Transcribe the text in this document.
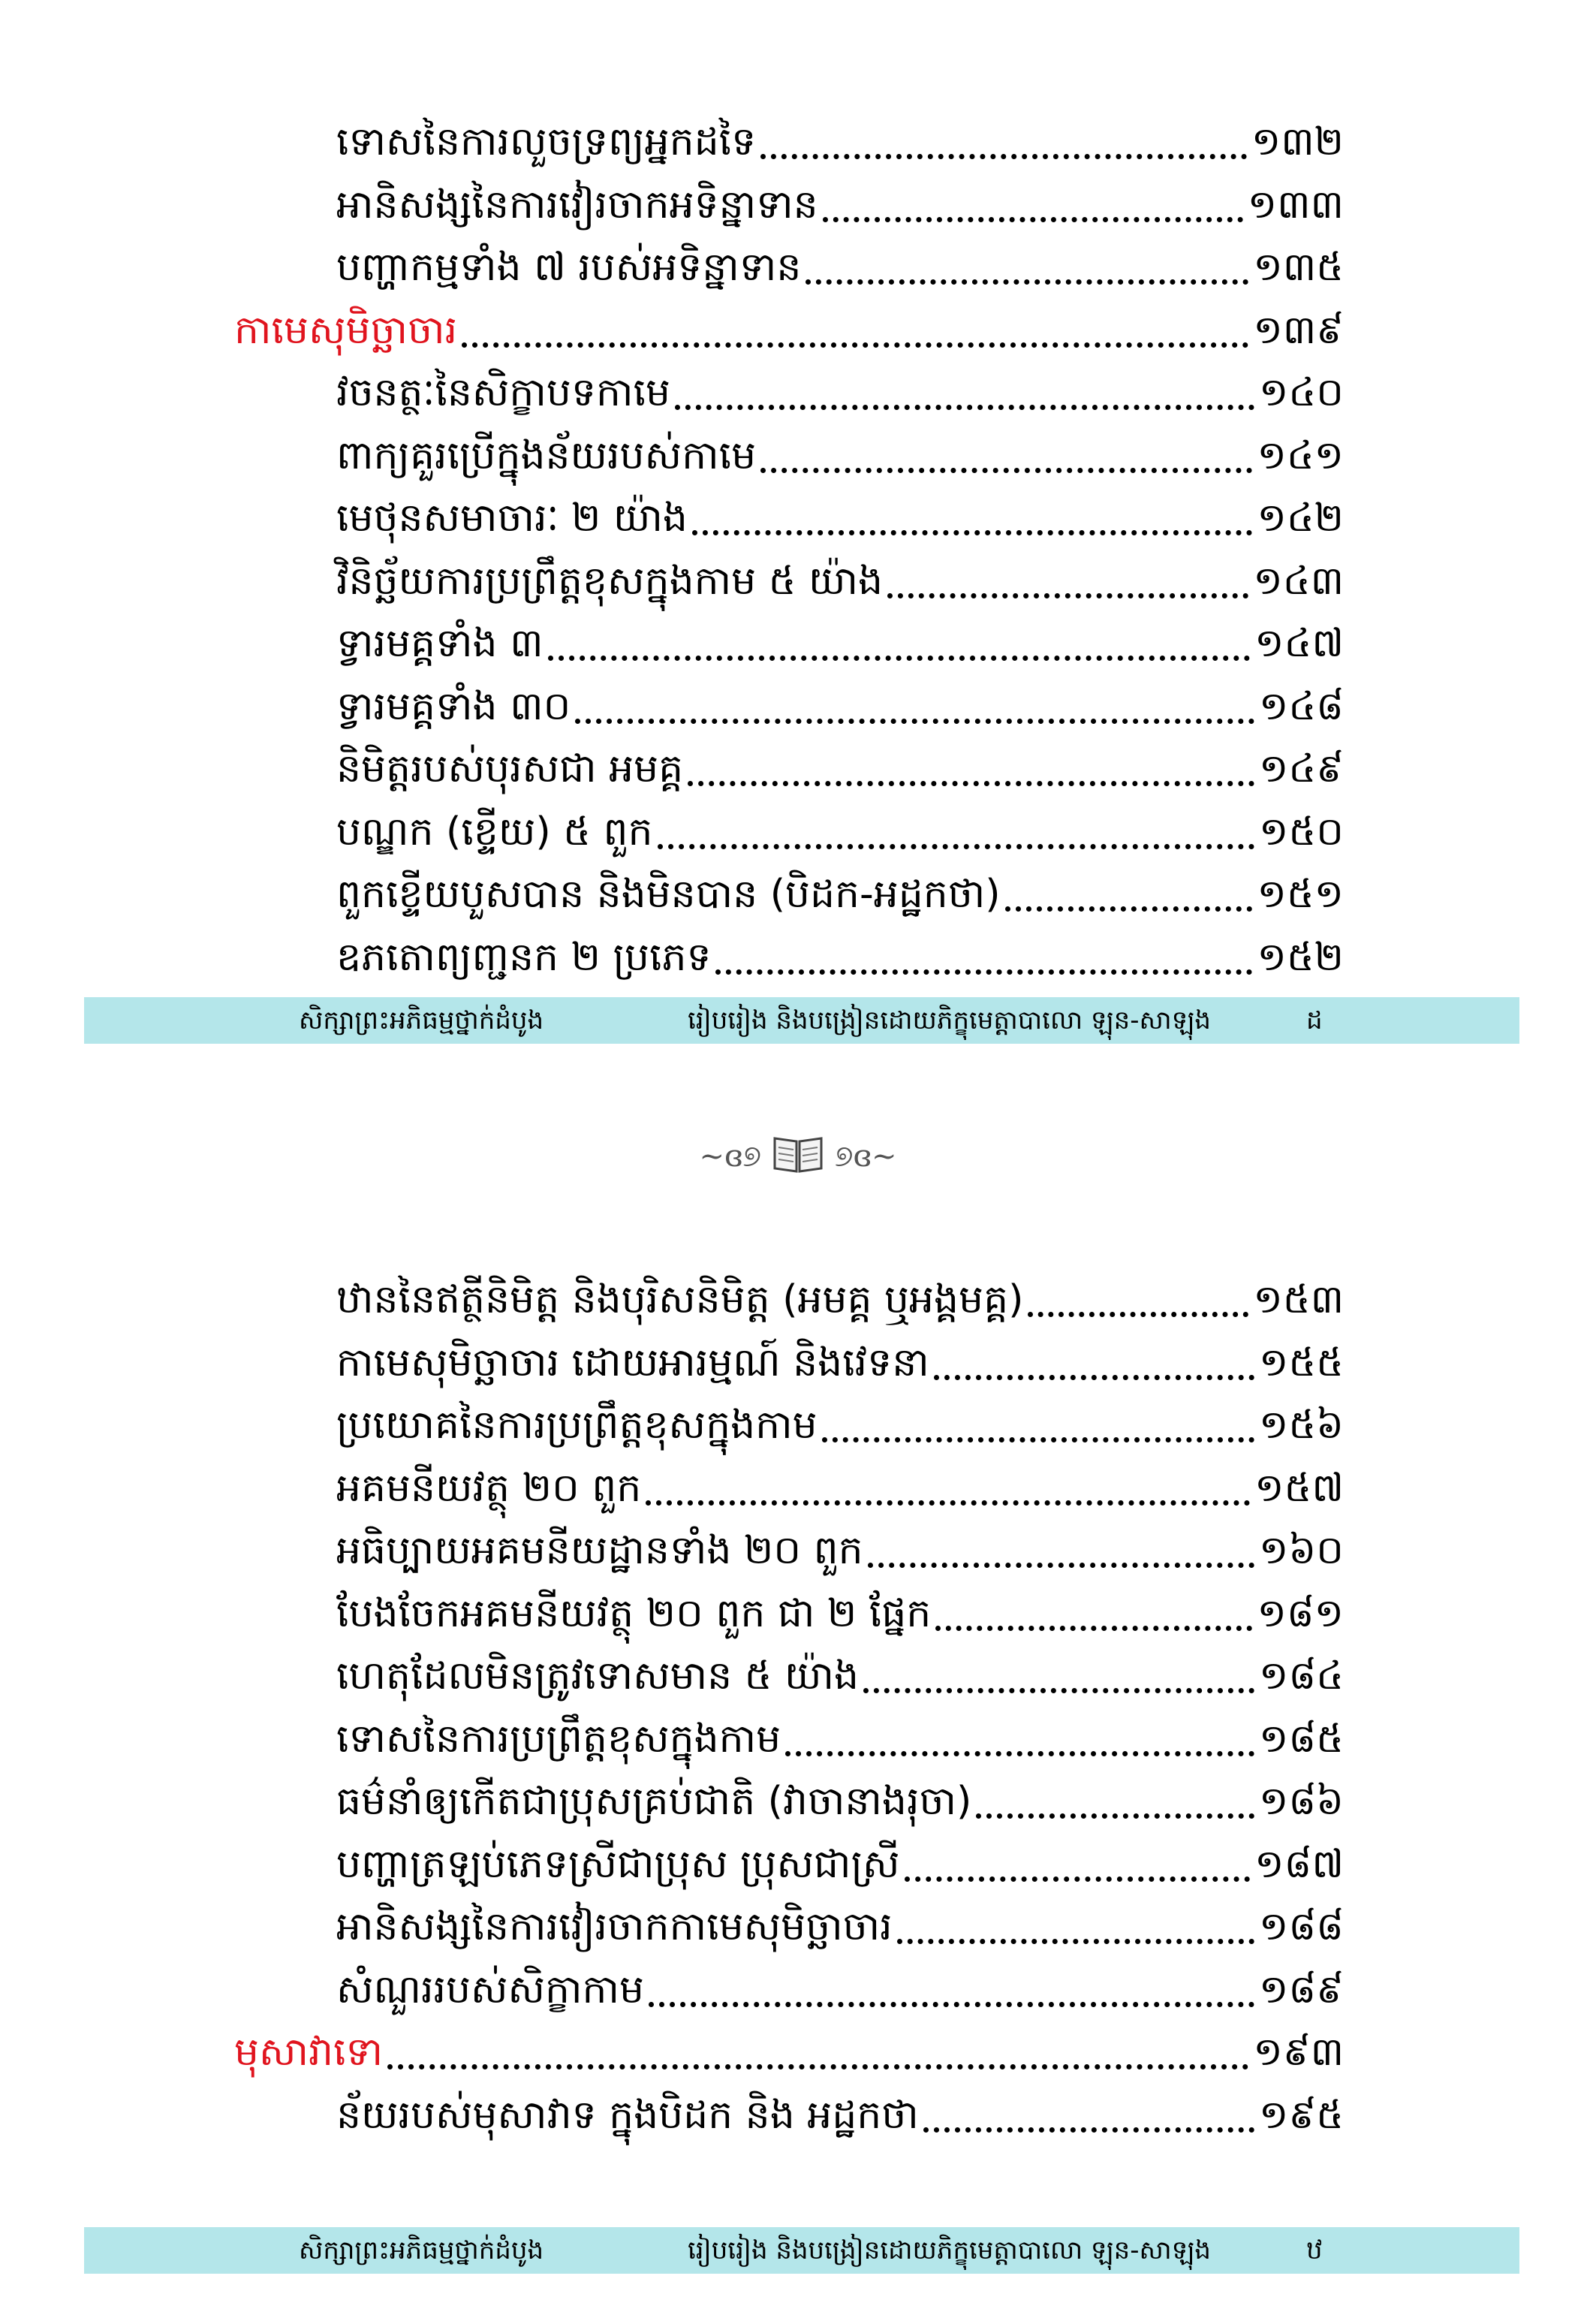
ទោសនៃការលួចទ្រព្យអ្នកដទៃ	១៣២
អានិសង្សនៃការវៀរចាកអទិន្នាទាន	១៣៣
បញ្ហាកម្មទាំង ៧ របស់អទិន្នាទាន	១៣៥
កាមេសុមិច្ឆាចារ	១៣៩
វចនត្ថៈនៃសិក្ខាបទកាមេ	១៤០
ពាក្យគួរប្រើក្នុងន័យរបស់កាមេ	១៤១
មេថុនសមាចារៈ ២ យ៉ាង	១៤២
វិនិច្ឆ័យការប្រព្រឹត្តខុសក្នុងកាម ៥ យ៉ាង	១៤៣
ទ្វារមគ្គទាំង ៣	១៤៧
ទ្វារមគ្គទាំង ៣០	១៤៨
និមិត្តរបស់បុរសជា អមគ្គ	១៤៩
បណ្ឌក (ខ្ទើយ) ៥ ពួក	១៥០
ពួកខ្ទើយបួសបាន និងមិនបាន (បិដក-អដ្ឋកថា)	១៥១
ឧភតោព្យញ្ជនក ២ ប្រភេទ	១៥២
សិក្សាព្រះអភិធម្មថ្នាក់ដំបូង	រៀបរៀង និងបង្រៀនដោយភិក្ខុមេត្តាបាលោ ឡុន-សាឡុង	ដ
~ɞ୭ ୭ɞ~
ឋាននៃឥត្ថីនិមិត្ត និងបុរិសនិមិត្ត (អមគ្គ ឬអង្គមគ្គ)	១៥៣
កាមេសុមិច្ឆាចារ ដោយអារម្មណ៍ និងវេទនា	១៥៥
ប្រយោគនៃការប្រព្រឹត្តខុសក្នុងកាម	១៥៦
អគមនីយវត្ថុ ២០ ពួក	១៥៧
អធិប្បាយអគមនីយដ្ឋានទាំង ២០ ពួក	១៦០
បែងចែកអគមនីយវត្ថុ ២០ ពួក ជា ២ ផ្នែក	១៨១
ហេតុដែលមិនត្រូវទោសមាន ៥ យ៉ាង	១៨៤
ទោសនៃការប្រព្រឹត្តខុសក្នុងកាម	១៨៥
ធម៌នាំឲ្យកើតជាប្រុសគ្រប់ជាតិ (វាចានាងរុចា)	១៨៦
បញ្ហាត្រឡប់ភេទស្រីជាប្រុស ប្រុសជាស្រី	១៨៧
អានិសង្សនៃការវៀរចាកកាមេសុមិច្ឆាចារ	១៨៨
សំណួររបស់សិក្ខាកាម	១៨៩
មុសាវាទោ	១៩៣
ន័យរបស់មុសាវាទ ក្នុងបិដក និង អដ្ឋកថា	១៩៥
សិក្សាព្រះអភិធម្មថ្នាក់ដំបូង	រៀបរៀង និងបង្រៀនដោយភិក្ខុមេត្តាបាលោ ឡុន-សាឡុង	ឋ
